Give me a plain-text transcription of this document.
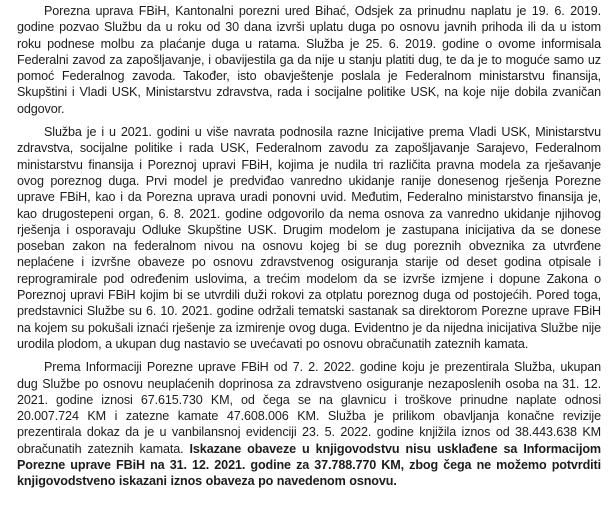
Porezna uprava FBiH, Kantonalni porezni ured Bihać, Odsjek za prinudnu naplatu je 19. 6. 2019. godine pozvao Službu da u roku od 30 dana izvrši uplatu duga po osnovu javnih prihoda ili da u istom roku podnese molbu za plaćanje duga u ratama. Služba je 25. 6. 2019. godine o ovome informisala Federalni zavod za zapošljavanje, i obavijestila ga da nije u stanju platiti dug, te da je to moguće samo uz pomoć Federalnog zavoda. Također, isto obavještenje poslala je Federalnom ministarstvu finansija, Skupštini i Vladi USK, Ministarstvu zdravstva, rada i socijalne politike USK, na koje nije dobila zvaničan odgovor.

Služba je i u 2021. godini u više navrata podnosila razne Inicijative prema Vladi USK, Ministarstvu zdravstva, socijalne politike i rada USK, Federalnom zavodu za zapošljavanje Sarajevo, Federalnom ministarstvu finansija i Poreznoj upravi FBiH, kojima je nudila tri različita pravna modela za rješavanje ovog poreznog duga. Prvi model je predviđao vanredno ukidanje ranije donesenog rješenja Porezne uprave FBiH, kao i da Porezna uprava uradi ponovni uvid. Međutim, Federalno ministarstvo finansija je, kao drugostepeni organ, 6. 8. 2021. godine odgovorilo da nema osnova za vanredno ukidanje njihovog rješenja i osporavaju Odluke Skupštine USK. Drugim modelom je zastupana inicijativa da se donese poseban zakon na federalnom nivou na osnovu kojeg bi se dug poreznih obveznika za utvrđene neplaćene i izvršne obaveze po osnovu zdravstvenog osiguranja starije od deset godina otpisale i reprogramirale pod određenim uslovima, a trećim modelom da se izvrše izmjene i dopune Zakona o Poreznoj upravi FBiH kojim bi se utvrdili duži rokovi za otplatu poreznog duga od postojećih. Pored toga, predstavnici Službe su 6. 10. 2021. godine održali tematski sastanak sa direktorom Porezne uprave FBiH na kojem su pokušali iznaći rješenje za izmirenje ovog duga. Evidentno je da nijedna inicijativa Službe nije urodila plodom, a ukupan dug nastavio se uvećavati po osnovu obračunatih zateznih kamata.

Prema Informaciji Porezne uprave FBiH od 7. 2. 2022. godine koju je prezentirala Služba, ukupan dug Službe po osnovu neuplaćenih doprinosa za zdravstveno osiguranje nezaposlenih osoba na 31. 12. 2021. godine iznosi 67.615.730 KM, od čega se na glavnicu i troškove prinudne naplate odnosi 20.007.724 KM i zatezne kamate 47.608.006 KM. Služba je prilikom obavljanja konačne revizije prezentirala dokaz da je u vanbilansnoj evidenciji 23. 5. 2022. godine knjižila iznos od 38.443.638 KM obračunatih zateznih kamata. Iskazane obaveze u knjigovodstvu nisu usklađene sa Informacijom Porezne uprave FBiH na 31. 12. 2021. godine za 37.788.770 KM, zbog čega ne možemo potvrditi knjigovodstveno iskazani iznos obaveza po navedenom osnovu.
